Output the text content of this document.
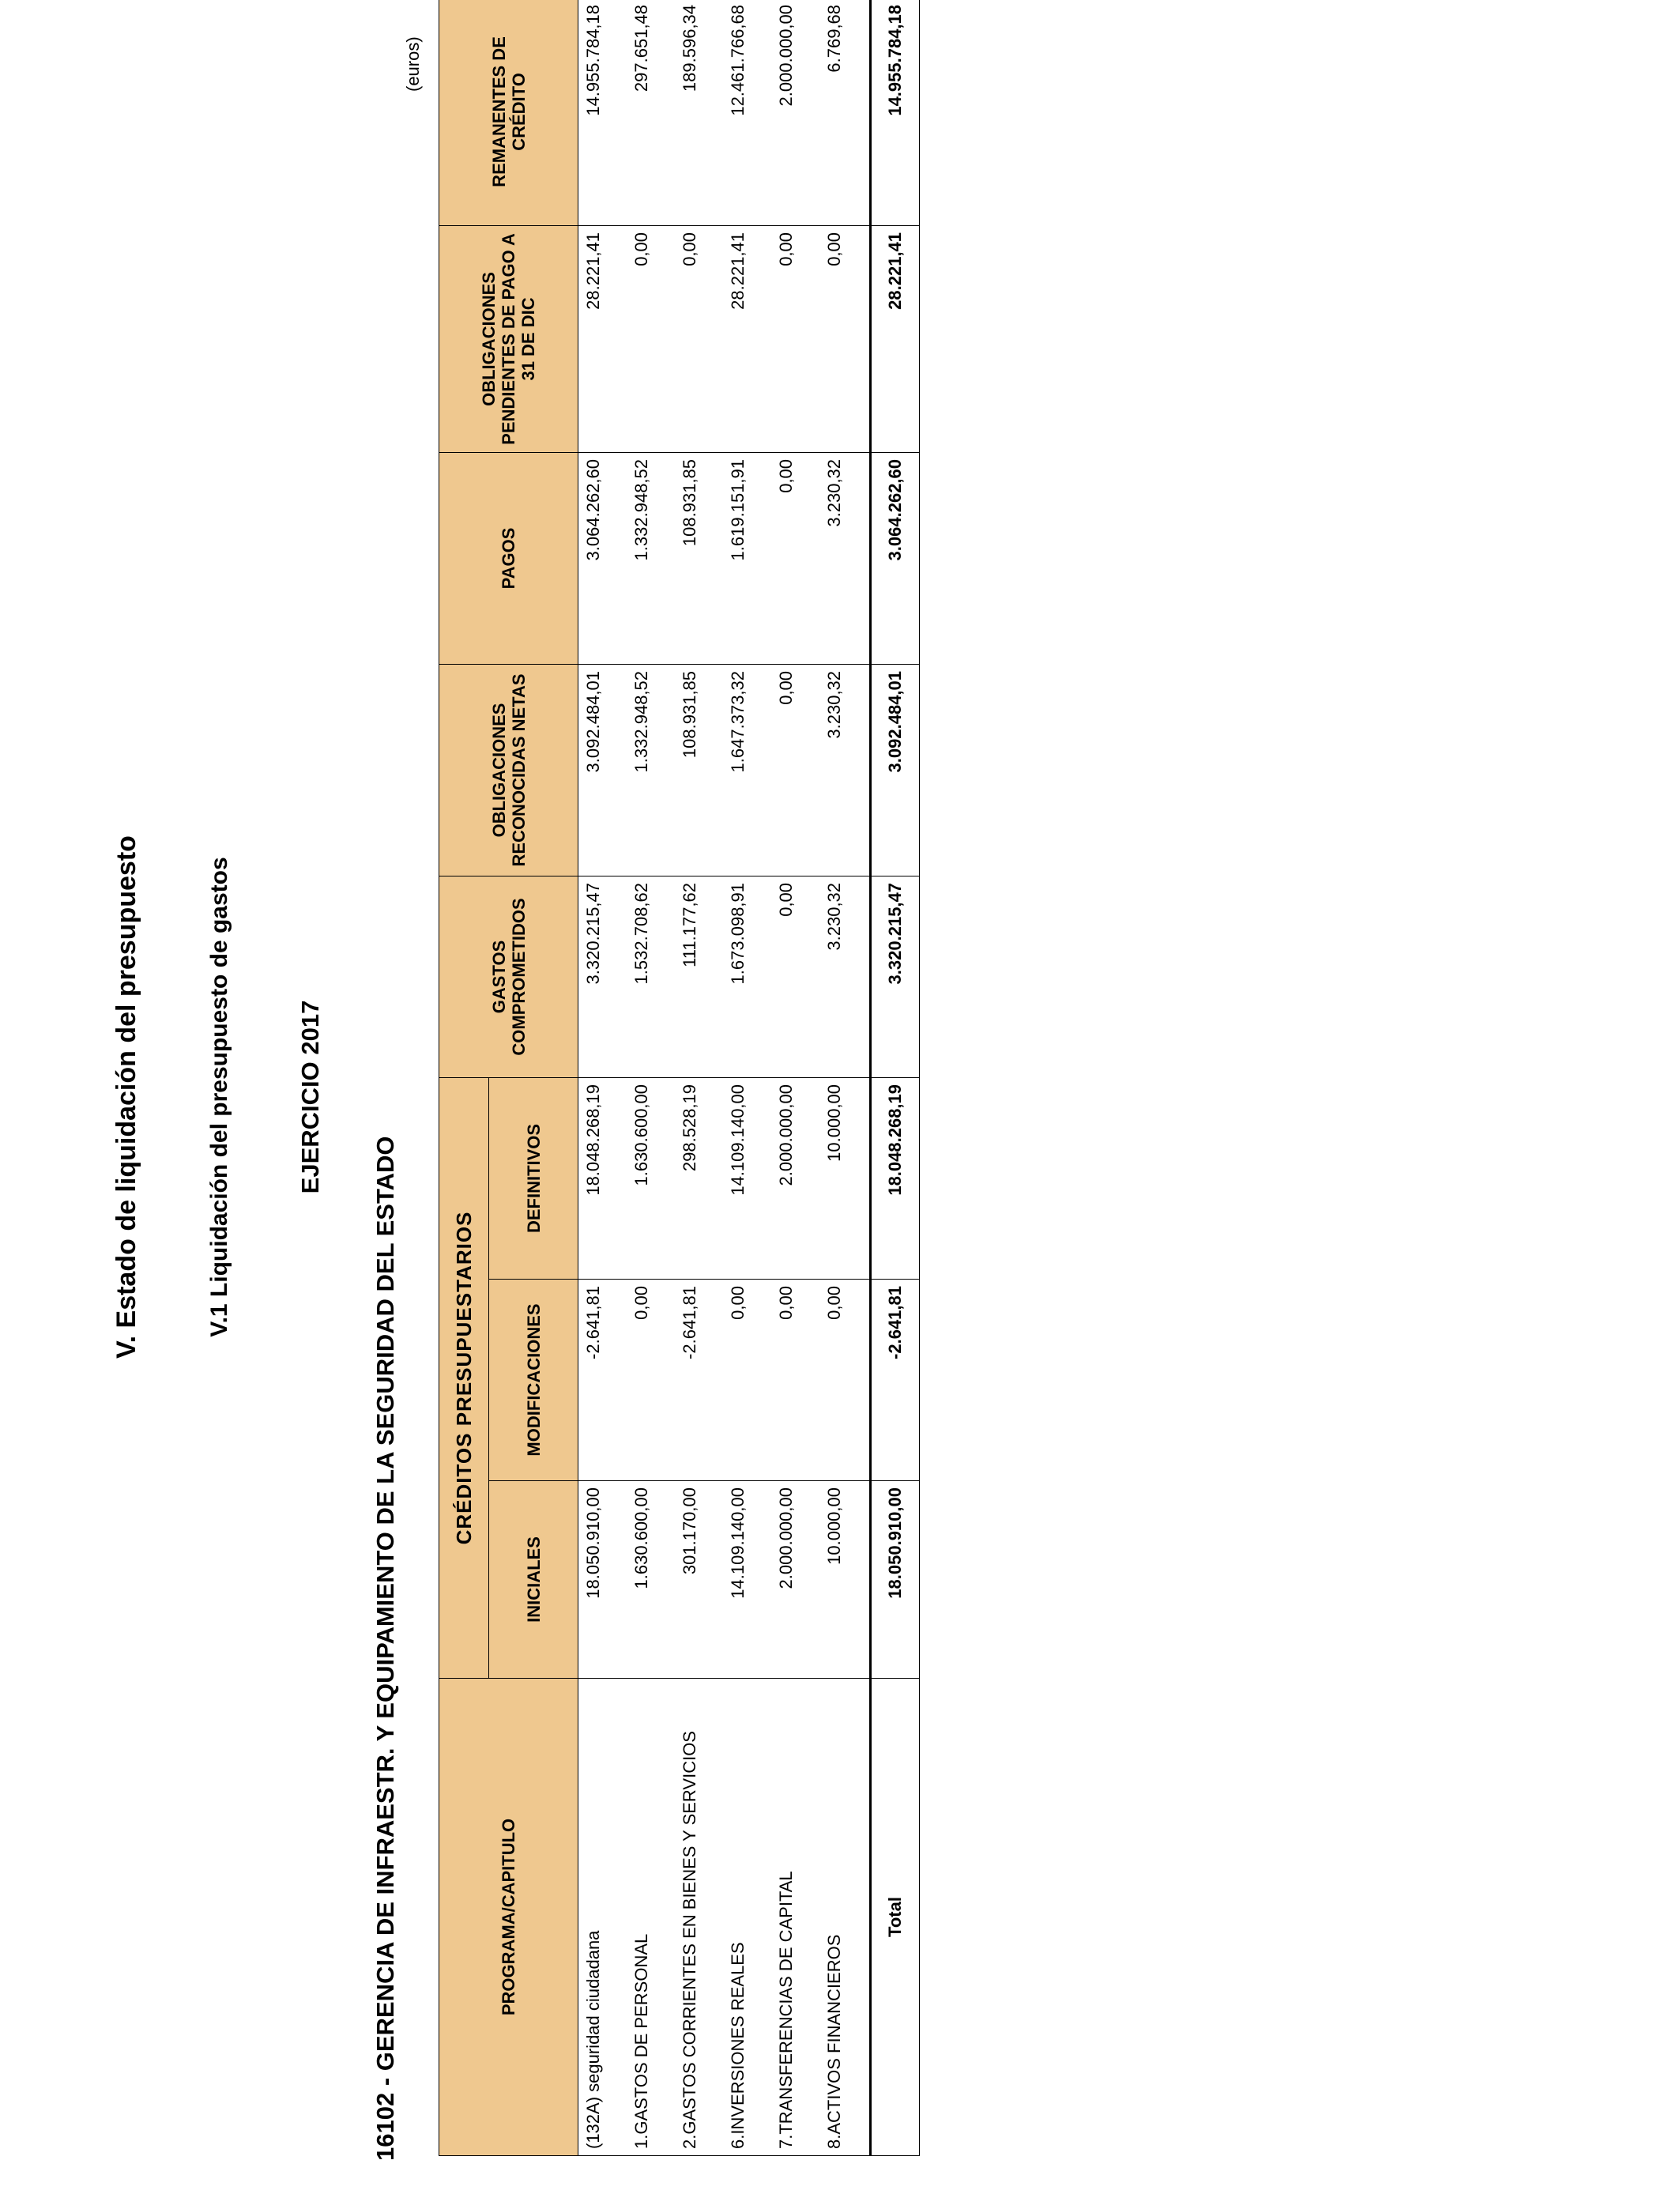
V. Estado de liquidación del presupuesto	V.1 Liquidación del presupuesto de gastos	EJERCICIO 2017
16102 - GERENCIA DE INFRAESTR. Y EQUIPAMIENTO DE LA SEGURIDAD DEL ESTADO
(euros)
PROGRAMA/CAPITULO	CRÉDITOS PRESUPUESTARIOS			GASTOS COMPROMETIDOS	OBLIGACIONES RECONOCIDAS NETAS	PAGOS	OBLIGACIONES PENDIENTES DE PAGO A 31 DE DIC	REMANENTES DE CRÉDITO
	INICIALES	MODIFICACIONES	DEFINITIVOS					
(132A) seguridad ciudadana	18.050.910,00	-2.641,81	18.048.268,19	3.320.215,47	3.092.484,01	3.064.262,60	28.221,41	14.955.784,18
1.GASTOS DE PERSONAL	1.630.600,00	0,00	1.630.600,00	1.532.708,62	1.332.948,52	1.332.948,52	0,00	297.651,48
2.GASTOS CORRIENTES EN BIENES Y SERVICIOS	301.170,00	-2.641,81	298.528,19	111.177,62	108.931,85	108.931,85	0,00	189.596,34
6.INVERSIONES REALES	14.109.140,00	0,00	14.109.140,00	1.673.098,91	1.647.373,32	1.619.151,91	28.221,41	12.461.766,68
7.TRANSFERENCIAS DE CAPITAL	2.000.000,00	0,00	2.000.000,00	0,00	0,00	0,00	0,00	2.000.000,00
8.ACTIVOS FINANCIEROS	10.000,00	0,00	10.000,00	3.230,32	3.230,32	3.230,32	0,00	6.769,68
Total	18.050.910,00	-2.641,81	18.048.268,19	3.320.215,47	3.092.484,01	3.064.262,60	28.221,41	14.955.784,18
